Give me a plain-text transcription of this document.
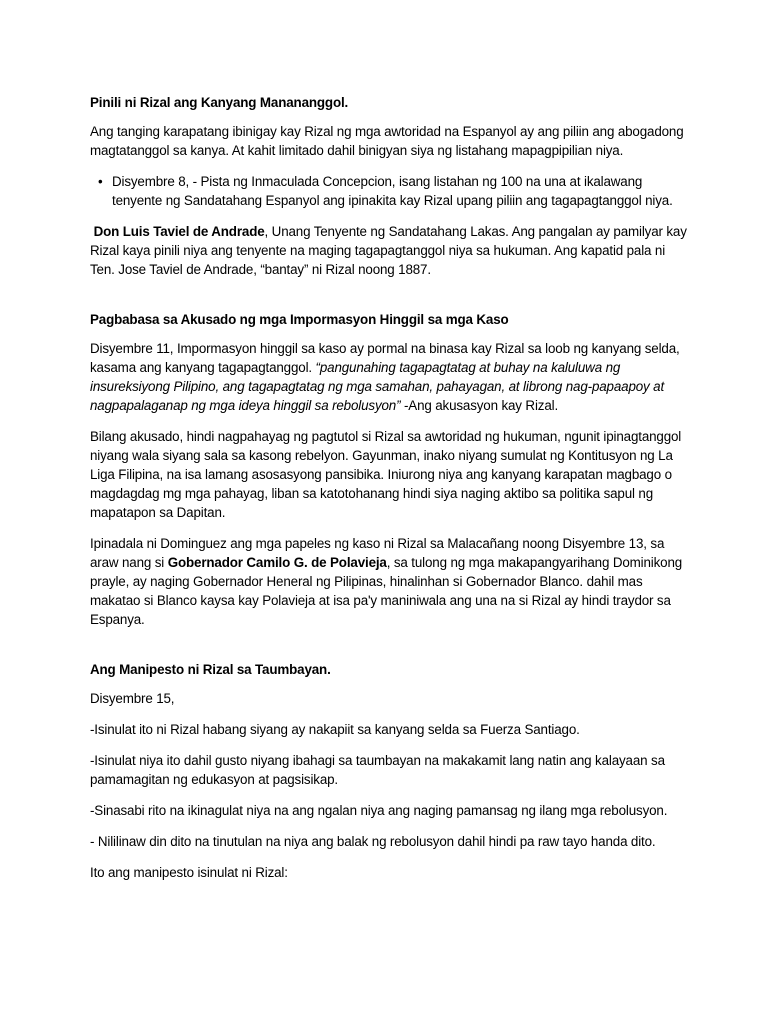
Pinili ni Rizal ang Kanyang Manananggol.

Ang tanging karapatang ibinigay kay Rizal ng mga awtoridad na Espanyol ay ang piliin ang abogadong magtatanggol sa kanya. At kahit limitado dahil binigyan siya ng listahang mapagpipilian niya.

• Disyembre 8, - Pista ng Inmaculada Concepcion, isang listahan ng 100 na una at ikalawang tenyente ng Sandatahang Espanyol ang ipinakita kay Rizal upang piliin ang tagapagtanggol niya.

Don Luis Taviel de Andrade, Unang Tenyente ng Sandatahang Lakas. Ang pangalan ay pamilyar kay Rizal kaya pinili niya ang tenyente na maging tagapagtanggol niya sa hukuman. Ang kapatid pala ni Ten. Jose Taviel de Andrade, “bantay” ni Rizal noong 1887.

Pagbabasa sa Akusado ng mga Impormasyon Hinggil sa mga Kaso

Disyembre 11, Impormasyon hinggil sa kaso ay pormal na binasa kay Rizal sa loob ng kanyang selda, kasama ang kanyang tagapagtanggol. “pangunahing tagapagtatag at buhay na kaluluwa ng insureksiyong Pilipino, ang tagapagtatag ng mga samahan, pahayagan, at librong nag-papaapoy at nagpapalaganap ng mga ideya hinggil sa rebolusyon” -Ang akusasyon kay Rizal.

Bilang akusado, hindi nagpahayag ng pagtutol si Rizal sa awtoridad ng hukuman, ngunit ipinagtanggol niyang wala siyang sala sa kasong rebelyon. Gayunman, inako niyang sumulat ng Kontitusyon ng La Liga Filipina, na isa lamang asosasyong pansibika. Iniurong niya ang kanyang karapatan magbago o magdagdag mg mga pahayag, liban sa katotohanang hindi siya naging aktibo sa politika sapul ng mapatapon sa Dapitan.

Ipinadala ni Dominguez ang mga papeles ng kaso ni Rizal sa Malacañang noong Disyembre 13, sa araw nang si Gobernador Camilo G. de Polavieja, sa tulong ng mga makapangyarihang Dominikong prayle, ay naging Gobernador Heneral ng Pilipinas, hinalinhan si Gobernador Blanco. dahil mas makatao si Blanco kaysa kay Polavieja at isa pa'y maniniwala ang una na si Rizal ay hindi traydor sa Espanya.

Ang Manipesto ni Rizal sa Taumbayan.

Disyembre 15,

-Isinulat ito ni Rizal habang siyang ay nakapiit sa kanyang selda sa Fuerza Santiago.

-Isinulat niya ito dahil gusto niyang ibahagi sa taumbayan na makakamit lang natin ang kalayaan sa pamamagitan ng edukasyon at pagsisikap.

-Sinasabi rito na ikinagulat niya na ang ngalan niya ang naging pamansag ng ilang mga rebolusyon.

- Nililinaw din dito na tinutulan na niya ang balak ng rebolusyon dahil hindi pa raw tayo handa dito.

Ito ang manipesto isinulat ni Rizal:
